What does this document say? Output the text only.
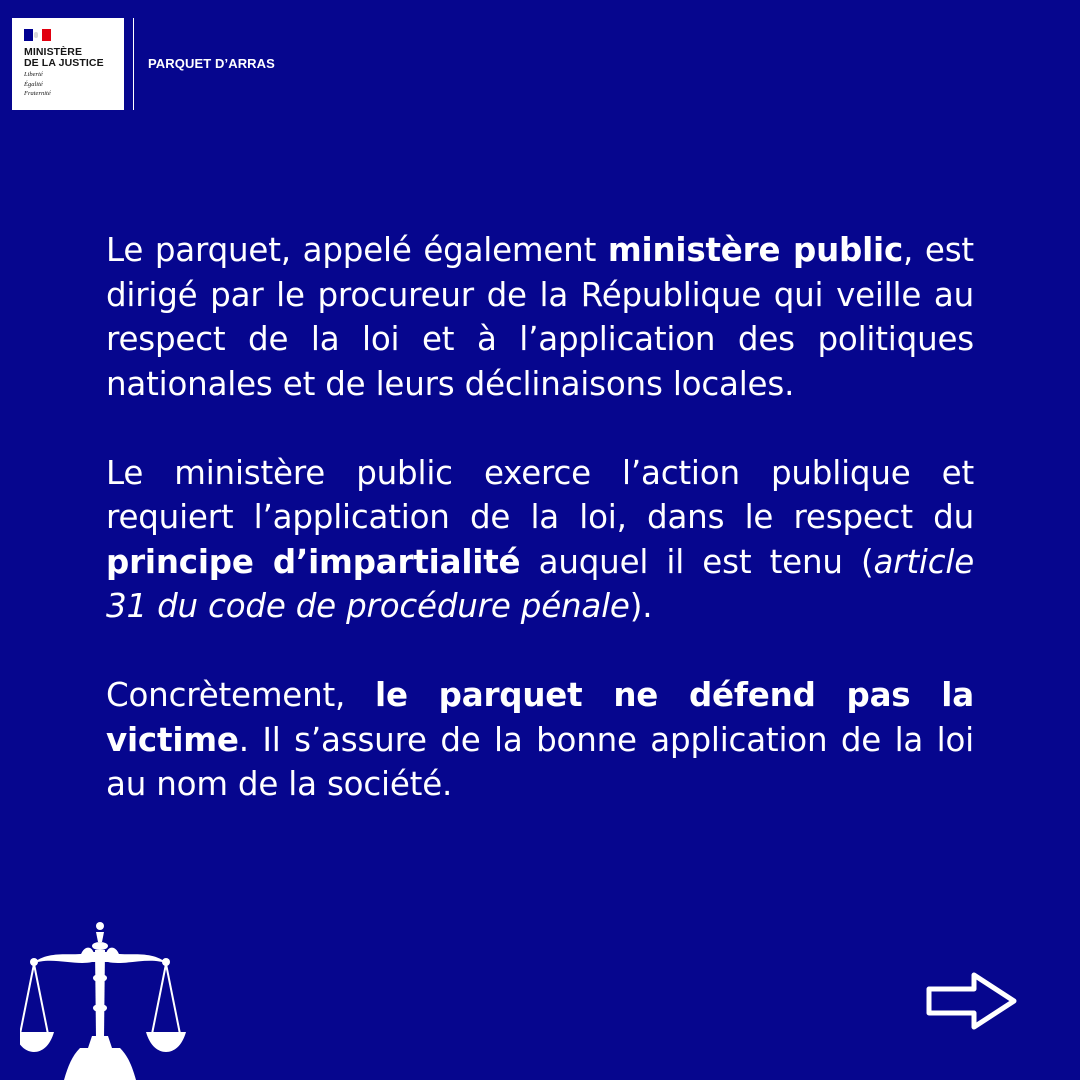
MINISTÈRE
DE LA JUSTICE
Liberté
Égalité
Fraternité
PARQUET D’ARRAS

Le parquet, appelé également ministère public, est dirigé par le procureur de la République qui veille au respect de la loi et à l’application des politiques nationales et de leurs déclinaisons locales.

Le ministère public exerce l’action publique et requiert l’application de la loi, dans le respect du principe d’impartialité auquel il est tenu (article 31 du code de procédure pénale).

Concrètement, le parquet ne défend pas la victime. Il s’assure de la bonne application de la loi au nom de la société.
